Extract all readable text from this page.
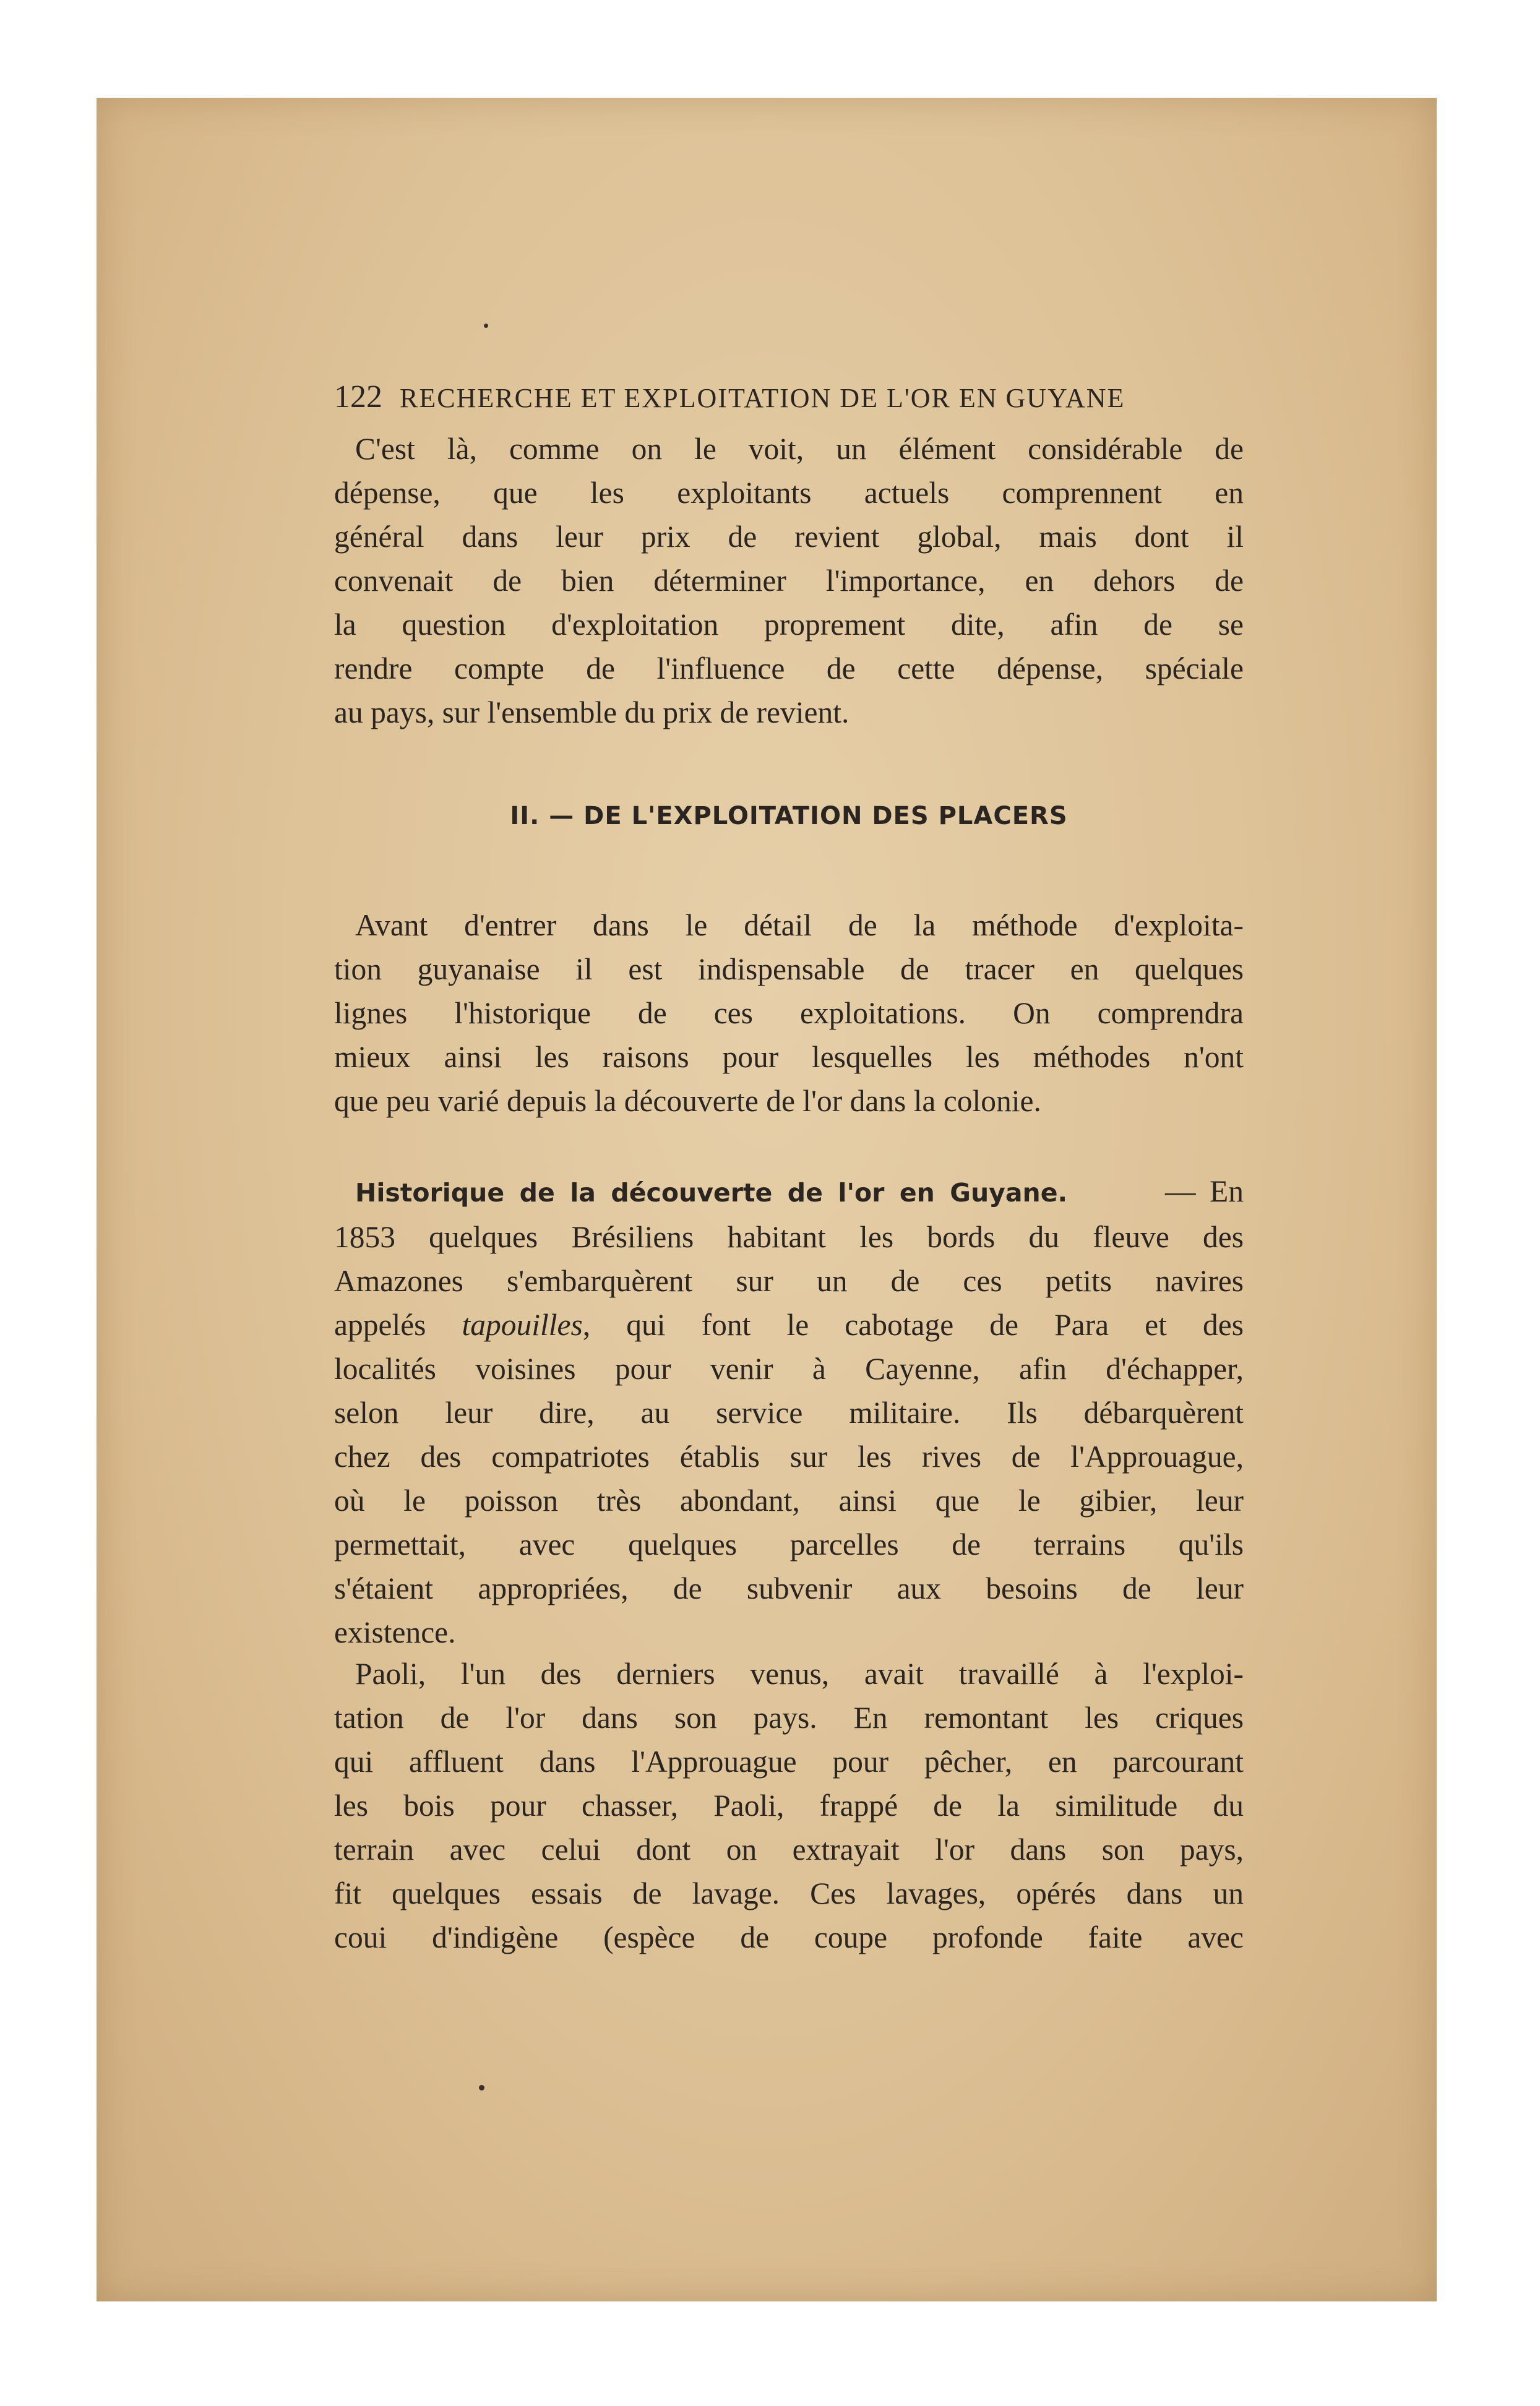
122 RECHERCHE ET EXPLOITATION DE L'OR EN GUYANE
C'est là, comme on le voit, un élément considérable de
dépense, que les exploitants actuels comprennent en
général dans leur prix de revient global, mais dont il
convenait de bien déterminer l'importance, en dehors de
la question d'exploitation proprement dite, afin de se
rendre compte de l'influence de cette dépense, spéciale
au pays, sur l'ensemble du prix de revient.
II. — DE L'EXPLOITATION DES PLACERS
Avant d'entrer dans le détail de la méthode d'exploita-
tion guyanaise il est indispensable de tracer en quelques
lignes l'historique de ces exploitations. On comprendra
mieux ainsi les raisons pour lesquelles les méthodes n'ont
que peu varié depuis la découverte de l'or dans la colonie.
Historique de la découverte de l'or en Guyane.	— En
1853 quelques Brésiliens habitant les bords du fleuve des
Amazones s'embarquèrent sur un de ces petits navires
appelés tapouilles, qui font le cabotage de Para et des
localités voisines pour venir à Cayenne, afin d'échapper,
selon leur dire, au service militaire. Ils débarquèrent
chez des compatriotes établis sur les rives de l'Approuague,
où le poisson très abondant, ainsi que le gibier, leur
permettait, avec quelques parcelles de terrains qu'ils
s'étaient appropriées, de subvenir aux besoins de leur
existence.
Paoli, l'un des derniers venus, avait travaillé à l'exploi-
tation de l'or dans son pays. En remontant les criques
qui affluent dans l'Approuague pour pêcher, en parcourant
les bois pour chasser, Paoli, frappé de la similitude du
terrain avec celui dont on extrayait l'or dans son pays,
fit quelques essais de lavage. Ces lavages, opérés dans un
coui d'indigène (espèce de coupe profonde faite avec
